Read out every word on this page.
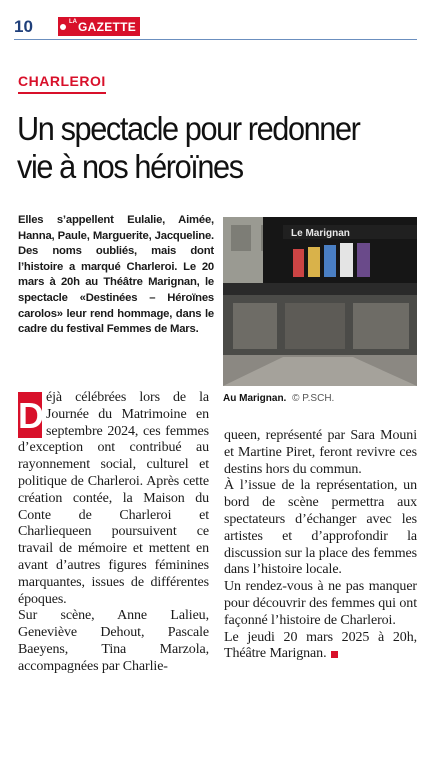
10	LA GAZETTE
CHARLEROI
Un spectacle pour redonner vie à nos héroïnes
Elles s’appellent Eulalie, Aimée, Hanna, Paule, Marguerite, Jacqueline. Des noms oubliés, mais dont l’histoire a marqué Charleroi. Le 20 mars à 20h au Théâtre Marignan, le spectacle «Destinées – Héroïnes carolos» leur rend hommage, dans le cadre du festival Femmes de Mars.
Le Marignan
Au Marignan. © P.SCH.

D éjà célébrées lors de la Journée du Matrimoine en septembre 2024, ces femmes d’exception ont contribué au rayonnement social, culturel et politique de Charleroi. Après cette création contée, la Maison du Conte de Charleroi et Charliequeen poursuivent ce travail de mémoire et mettent en avant d’autres figures féminines marquantes, issues de différentes époques.

Sur scène, Anne Lalieu, Geneviève Dehout, Pascale Baeyens, Tina Marzola, accompagnées par Charlie-

queen, représenté par Sara Mouni et Martine Piret, feront revivre ces destins hors du commun.

À l’issue de la représentation, un bord de scène permettra aux spectateurs d’échanger avec les artistes et d’approfondir la discussion sur la place des femmes dans l’histoire locale.

Un rendez-vous à ne pas manquer pour découvrir des femmes qui ont façonné l’histoire de Charleroi.

Le jeudi 20 mars 2025 à 20h, Théâtre Marignan.
